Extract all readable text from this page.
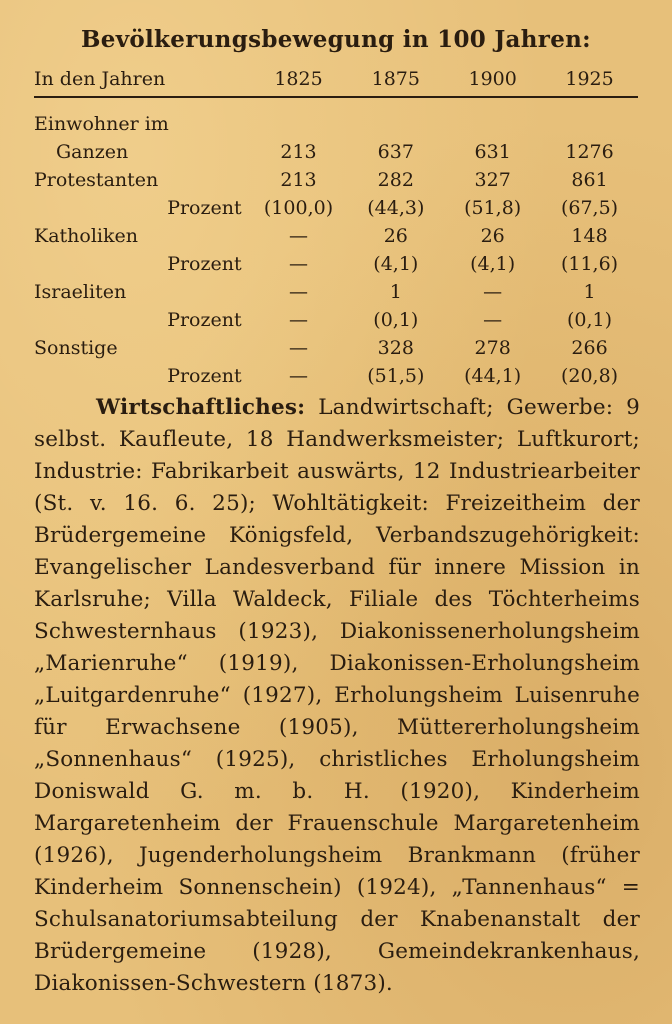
Bevölkerungsbewegung in 100 Jahren:
In den Jahren	1825	1875	1900	1925

Einwohner im				
Ganzen	213	637	631	1276
Protestanten	213	282	327	861
Prozent	(100,0)	(44,3)	(51,8)	(67,5)
Katholiken	—	26	26	148
Prozent	—	(4,1)	(4,1)	(11,6)
Israeliten	—	1	—	1
Prozent	—	(0,1)	—	(0,1)
Sonstige	—	328	278	266
Prozent	—	(51,5)	(44,1)	(20,8)
Wirtschaftliches: Landwirtschaft; Gewerbe: 9 selbst. Kaufleute, 18 Handwerksmeister; Luftkurort; Industrie: Fabrikarbeit auswärts, 12 Industriearbeiter (St. v. 16. 6. 25); Wohltätigkeit: Freizeitheim der Brüdergemeine Königsfeld, Verbandszugehörigkeit: Evangelischer Landesverband für innere Mission in Karlsruhe; Villa Waldeck, Filiale des Töchterheims Schwesternhaus (1923), Diakonissenerholungsheim „Marienruhe“ (1919), Diakonissen-Erholungsheim „Luitgardenruhe“ (1927), Erholungsheim Luisenruhe für Erwachsene (1905), Müttererholungsheim „Sonnenhaus“ (1925), christliches Erholungsheim Doniswald G. m. b. H. (1920), Kinderheim Margaretenheim der Frauenschule Margaretenheim (1926), Jugenderholungsheim Brankmann (früher Kinderheim Sonnenschein) (1924), „Tannenhaus“ = Schulsanatoriumsabteilung der Knabenanstalt der Brüdergemeine (1928), Gemeindekrankenhaus, Diakonissen-Schwestern (1873).
